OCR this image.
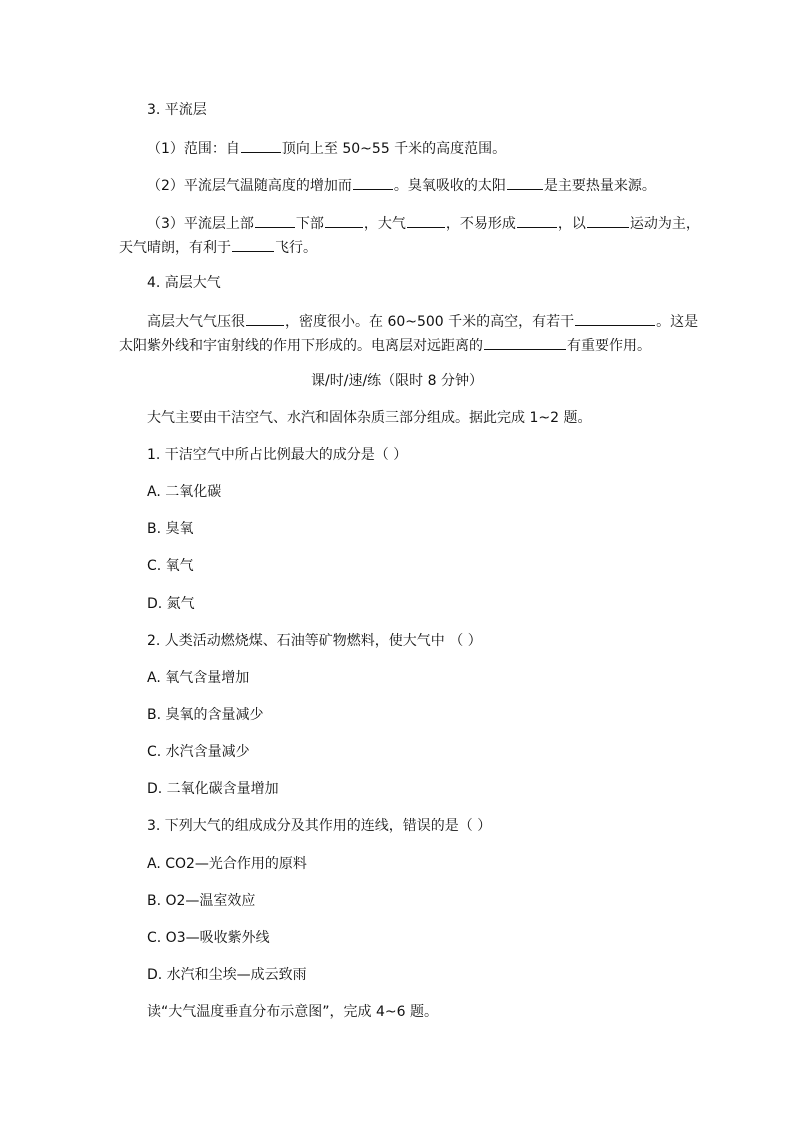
3. 平流层
（1）范围：自	顶向上至 50~55 千米的高度范围。
（2）平流层气温随高度的增加而	。臭氧吸收的太阳	是主要热量来源。
（3）平流层上部	下部	，大气	，不易形成	，以	运动为主，
天气晴朗，有利于	飞行。
4. 高层大气
高层大气气压很	，密度很小。在 60~500 千米的高空，有若干	。这是
太阳紫外线和宇宙射线的作用下形成的。电离层对远距离的	有重要作用。
课/时/速/练（限时 8 分钟）
大气主要由干洁空气、水汽和固体杂质三部分组成。据此完成 1~2 题。
1. 干洁空气中所占比例最大的成分是（ ）
A. 二氧化碳
B. 臭氧
C. 氧气
D. 氮气
2. 人类活动燃烧煤、石油等矿物燃料，使大气中 （ ）
A. 氧气含量增加
B. 臭氧的含量减少
C. 水汽含量减少
D. 二氧化碳含量增加
3. 下列大气的组成成分及其作用的连线，错误的是（ ）
A. CO2—光合作用的原料
B. O2—温室效应
C. O3—吸收紫外线
D. 水汽和尘埃—成云致雨
读“大气温度垂直分布示意图”，完成 4~6 题。
